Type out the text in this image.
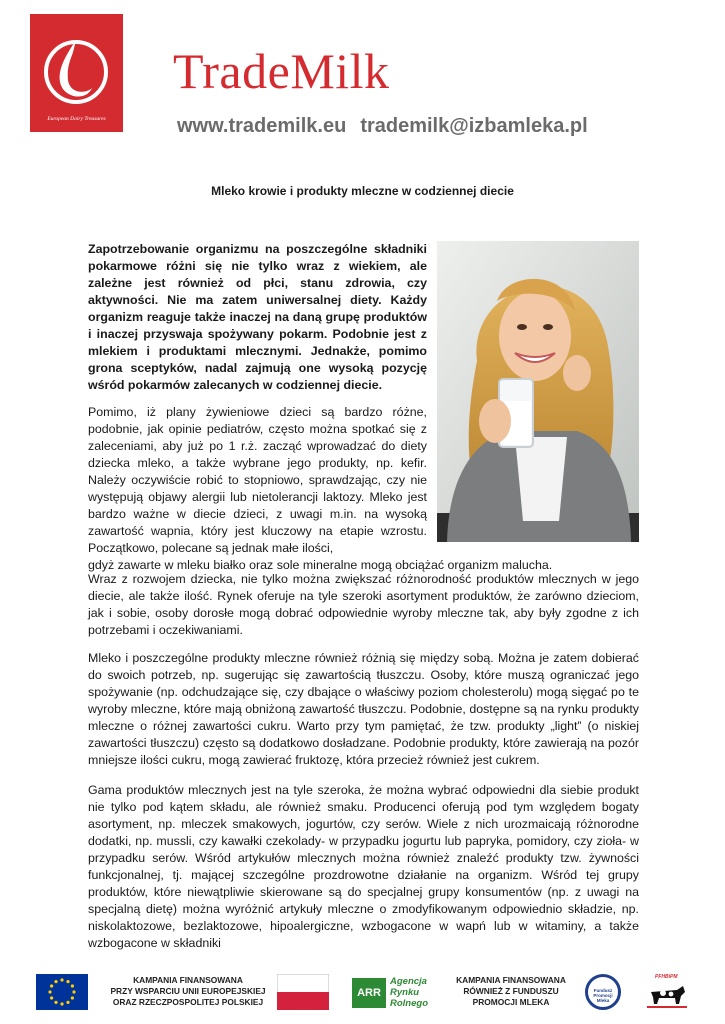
European Dairy Treasures
TradeMilk
www.trademilk.eu trademilk@izbamleka.pl
Mleko krowie i produkty mleczne w codziennej diecie
Zapotrzebowanie organizmu na poszczególne składniki pokarmowe różni się nie tylko wraz z wiekiem, ale zależne jest również od płci, stanu zdrowia, czy aktywności. Nie ma zatem uniwersalnej diety. Każdy organizm reaguje także inaczej na daną grupę produktów i inaczej przyswaja spożywany pokarm. Podobnie jest z mlekiem i produktami mlecznymi. Jednakże, pomimo grona sceptyków, nadal zajmują one wysoką pozycję wśród pokarmów zalecanych w codziennej diecie.
Pomimo, iż plany żywieniowe dzieci są bardzo różne, podobnie, jak opinie pediatrów, często można spotkać się z zaleceniami, aby już po 1 r.ż. zacząć wprowadzać do diety dziecka mleko, a także wybrane jego produkty, np. kefir. Należy oczywiście robić to stopniowo, sprawdzając, czy nie występują objawy alergii lub nietolerancji laktozy. Mleko jest bardzo ważne w diecie dzieci, z uwagi m.in. na wysoką zawartość wapnia, który jest kluczowy na etapie wzrostu. Początkowo, polecane są jednak małe ilości,
gdyż zawarte w mleku białko oraz sole mineralne mogą obciążać organizm malucha.
Wraz z rozwojem dziecka, nie tylko można zwiększać różnorodność produktów mlecznych w jego diecie, ale także ilość. Rynek oferuje na tyle szeroki asortyment produktów, że zarówno dzieciom, jak i sobie, osoby dorosłe mogą dobrać odpowiednie wyroby mleczne tak, aby były zgodne z ich potrzebami i oczekiwaniami.
Mleko i poszczególne produkty mleczne również różnią się między sobą. Można je zatem dobierać do swoich potrzeb, np. sugerując się zawartością tłuszczu. Osoby, które muszą ograniczać jego spożywanie (np. odchudzające się, czy dbające o właściwy poziom cholesterolu) mogą sięgać po te wyroby mleczne, które mają obniżoną zawartość tłuszczu. Podobnie, dostępne są na rynku produkty mleczne o różnej zawartości cukru. Warto przy tym pamiętać, że tzw. produkty „light” (o niskiej zawartości tłuszczu) często są dodatkowo dosładzane. Podobnie produkty, które zawierają na pozór mniejsze ilości cukru, mogą zawierać fruktozę, która przecież również jest cukrem.
Gama produktów mlecznych jest na tyle szeroka, że można wybrać odpowiedni dla siebie produkt nie tylko pod kątem składu, ale również smaku. Producenci oferują pod tym względem bogaty asortyment, np. mleczek smakowych, jogurtów, czy serów. Wiele z nich urozmaicają różnorodne dodatki, np. mussli, czy kawałki czekolady- w przypadku jogurtu lub papryka, pomidory, czy zioła- w przypadku serów. Wśród artykułów mlecznych można również znaleźć produkty tzw. żywności funkcjonalnej, tj. mającej szczególne prozdrowotne działanie na organizm. Wśród tej grupy produktów, które niewątpliwie skierowane są do specjalnej grupy konsumentów (np. z uwagi na specjalną dietę) można wyróżnić artykuły mleczne o zmodyfikowanym odpowiednio składzie, np. niskolaktozowe, bezlaktozowe, hipoalergiczne, wzbogacone w wapń lub w witaminy, a także wzbogacone w składniki
KAMPANIA FINANSOWANA
PRZY WSPARCIU UNII EUROPEJSKIEJ
ORAZ RZECZPOSPOLITEJ POLSKIEJ
ARR
Agencja
Rynku
Rolnego
KAMPANIA FINANSOWANA
RÓWNIEŻ Z FUNDUSZU
PROMOCJI MLEKA
Fundusz Promocji Mleka
PFHBiPM
